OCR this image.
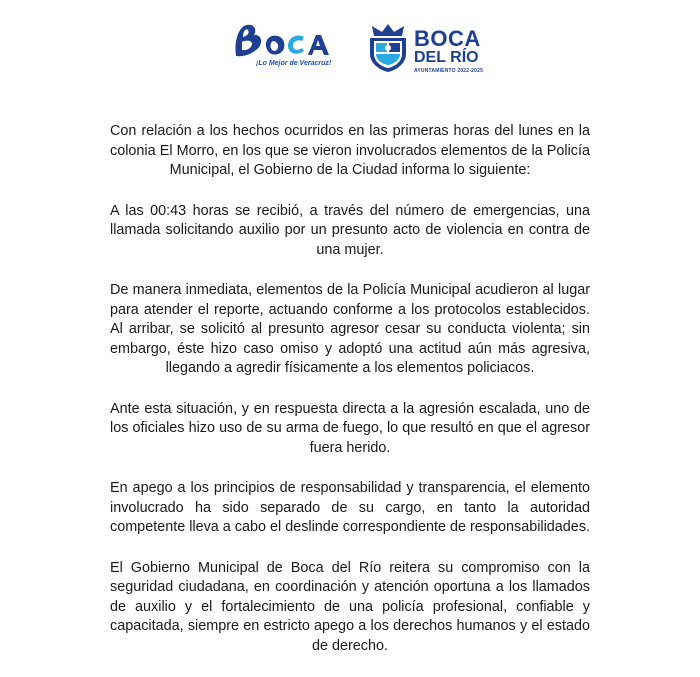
¡Lo Mejor de Veracruz!
BOCA
DEL RÍO
AYUNTAMIENTO 2022-2025

Con relación a los hechos ocurridos en las primeras horas del lunes en la colonia El Morro, en los que se vieron involucrados elementos de la Policía Municipal, el Gobierno de la Ciudad informa lo siguiente:

A las 00:43 horas se recibió, a través del número de emergencias, una llamada solicitando auxilio por un presunto acto de violencia en contra de una mujer.

De manera inmediata, elementos de la Policía Municipal acudieron al lugar para atender el reporte, actuando conforme a los protocolos establecidos. Al arribar, se solicitó al presunto agresor cesar su conducta violenta; sin embargo, éste hizo caso omiso y adoptó una actitud aún más agresiva, llegando a agredir físicamente a los elementos policiacos.

Ante esta situación, y en respuesta directa a la agresión escalada, uno de los oficiales hizo uso de su arma de fuego, lo que resultó en que el agresor fuera herido.

En apego a los principios de responsabilidad y transparencia, el elemento involucrado ha sido separado de su cargo, en tanto la autoridad competente lleva a cabo el deslinde correspondiente de responsabilidades.

El Gobierno Municipal de Boca del Río reitera su compromiso con la seguridad ciudadana, en coordinación y atención oportuna a los llamados de auxilio y el fortalecimiento de una policía profesional, confiable y capacitada, siempre en estricto apego a los derechos humanos y el estado de derecho.
